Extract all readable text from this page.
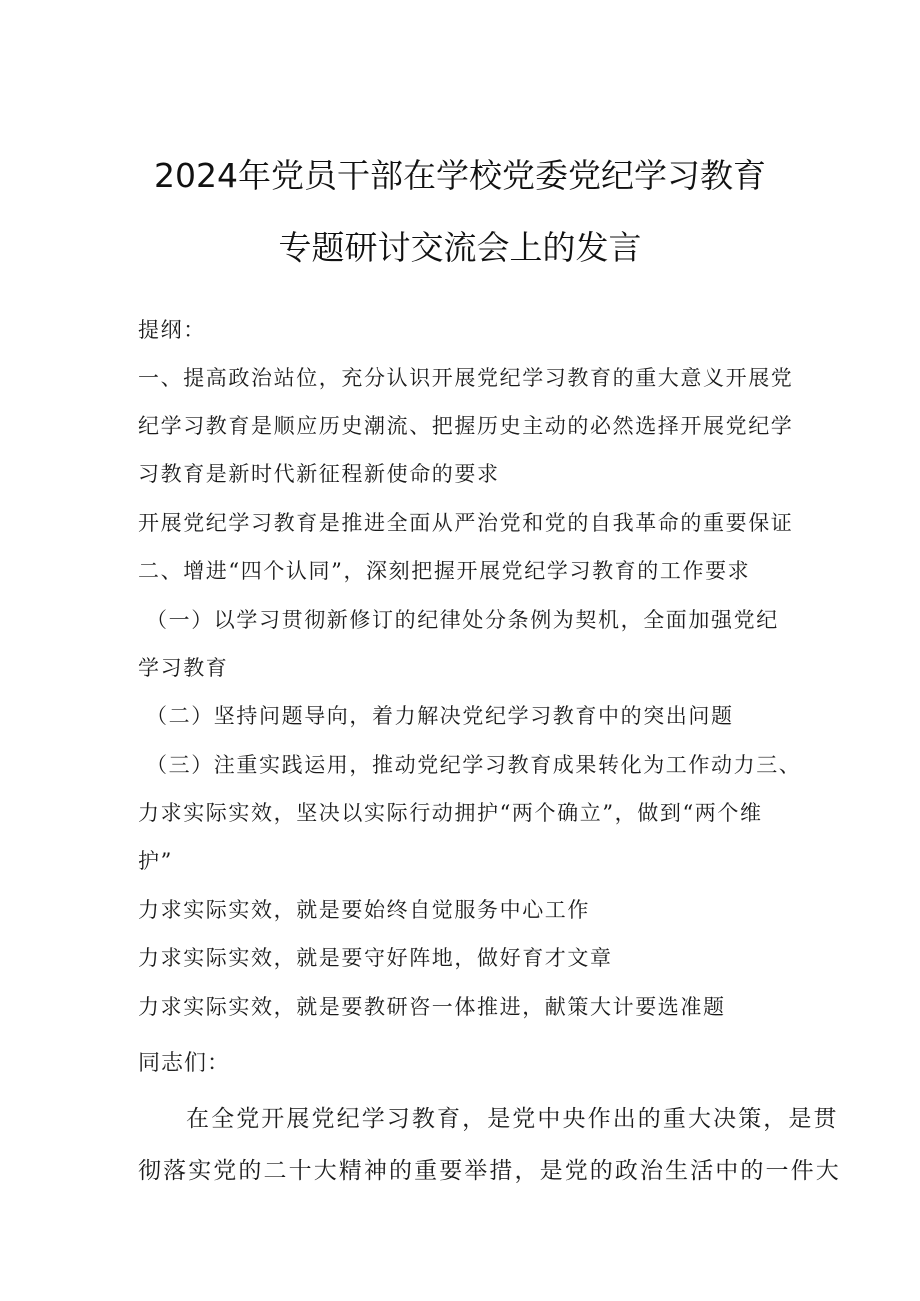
2024年党员干部在学校党委党纪学习教育
专题研讨交流会上的发言
提纲：
一、提高政治站位，充分认识开展党纪学习教育的重大意义开展党
纪学习教育是顺应历史潮流、把握历史主动的必然选择开展党纪学
习教育是新时代新征程新使命的要求
开展党纪学习教育是推进全面从严治党和党的自我革命的重要保证
二、增进“四个认同”，深刻把握开展党纪学习教育的工作要求
（一）以学习贯彻新修订的纪律处分条例为契机，全面加强党纪
学习教育
（二）坚持问题导向，着力解决党纪学习教育中的突出问题
（三）注重实践运用，推动党纪学习教育成果转化为工作动力三、
力求实际实效，坚决以实际行动拥护“两个确立”，做到“两个维
护”
力求实际实效，就是要始终自觉服务中心工作
力求实际实效，就是要守好阵地，做好育才文章
力求实际实效，就是要教研咨一体推进，献策大计要选准题
同志们：
在全党开展党纪学习教育，是党中央作出的重大决策，是贯
彻落实党的二十大精神的重要举措，是党的政治生活中的一件大
